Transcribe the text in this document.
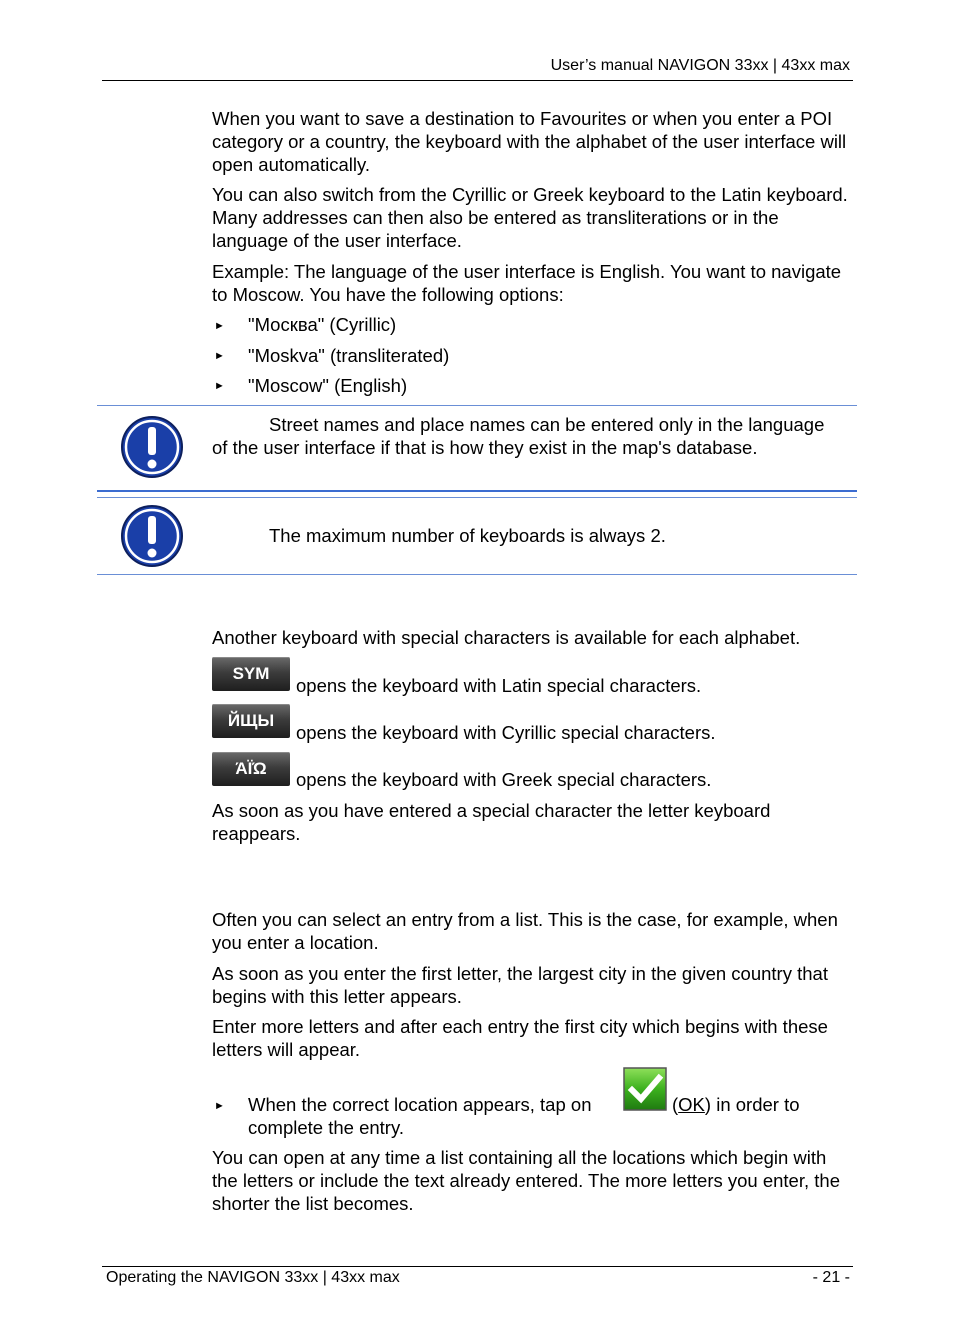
User’s manual NAVIGON 33xx | 43xx max

When you want to save a destination to Favourites or when you enter a POI category or a country, the keyboard with the alphabet of the user interface will open automatically.

You can also switch from the Cyrillic or Greek keyboard to the Latin keyboard. Many addresses can then also be entered as transliterations or in the language of the user interface.

Example: The language of the user interface is English. You want to navigate to Moscow. You have the following options:

► "Москва" (Cyrillic)
► "Moskva" (transliterated)
► "Moscow" (English)

Street names and place names can be entered only in the language of the user interface if that is how they exist in the map's database.

The maximum number of keyboards is always 2.

Another keyboard with special characters is available for each alphabet.

SYM
opens the keyboard with Latin special characters.
ЙЩЫ
opens the keyboard with Cyrillic special characters.
ΆΪΏ
opens the keyboard with Greek special characters.

As soon as you have entered a special character the letter keyboard reappears.

Often you can select an entry from a list. This is the case, for example, when you enter a location.

As soon as you enter the first letter, the largest city in the given country that begins with this letter appears.

Enter more letters and after each entry the first city which begins with these letters will appear.

► When the correct location appears, tap on	(OK) in order to
complete the entry.

You can open at any time a list containing all the locations which begin with the letters or include the text already entered. The more letters you enter, the shorter the list becomes.

Operating the NAVIGON 33xx | 43xx max	- 21 -
